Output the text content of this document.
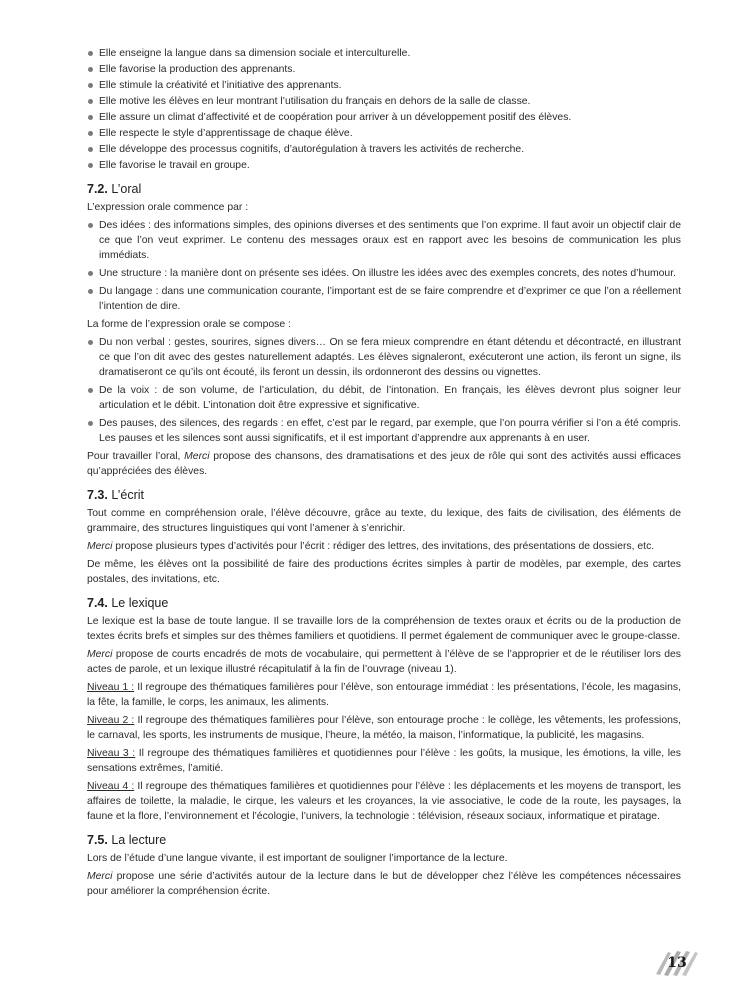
Elle enseigne la langue dans sa dimension sociale et interculturelle.
Elle favorise la production des apprenants.
Elle stimule la créativité et l’initiative des apprenants.
Elle motive les élèves en leur montrant l’utilisation du français en dehors de la salle de classe.
Elle assure un climat d’affectivité et de coopération pour arriver à un développement positif des élèves.
Elle respecte le style d’apprentissage de chaque élève.
Elle développe des processus cognitifs, d’autorégulation à travers les activités de recherche.
Elle favorise le travail en groupe.
7.2. L’oral

L’expression orale commence par :

Des idées : des informations simples, des opinions diverses et des sentiments que l’on exprime. Il faut avoir un objectif clair de ce que l’on veut exprimer. Le contenu des messages oraux est en rapport avec les besoins de communication les plus immédiats.
Une structure : la manière dont on présente ses idées. On illustre les idées avec des exemples concrets, des notes d’humour.
Du langage : dans une communication courante, l’important est de se faire comprendre et d’exprimer ce que l’on a réellement l’intention de dire.

La forme de l’expression orale se compose :

Du non verbal : gestes, sourires, signes divers… On se fera mieux comprendre en étant détendu et décontracté, en illustrant ce que l’on dit avec des gestes naturellement adaptés. Les élèves signaleront, exécuteront une action, ils feront un signe, ils dramatiseront ce qu’ils ont écouté, ils feront un dessin, ils ordonneront des dessins ou vignettes.
De la voix : de son volume, de l’articulation, du débit, de l’intonation. En français, les élèves devront plus soigner leur articulation et le débit. L’intonation doit être expressive et significative.
Des pauses, des silences, des regards : en effet, c’est par le regard, par exemple, que l’on pourra vérifier si l’on a été compris. Les pauses et les silences sont aussi significatifs, et il est important d’apprendre aux apprenants à en user.

Pour travailler l’oral, Merci propose des chansons, des dramatisations et des jeux de rôle qui sont des activités aussi efficaces qu’appréciées des élèves.

7.3. L’écrit

Tout comme en compréhension orale, l’élève découvre, grâce au texte, du lexique, des faits de civilisation, des éléments de grammaire, des structures linguistiques qui vont l’amener à s’enrichir.

Merci propose plusieurs types d’activités pour l’écrit : rédiger des lettres, des invitations, des présentations de dossiers, etc.

De même, les élèves ont la possibilité de faire des productions écrites simples à partir de modèles, par exemple, des cartes postales, des invitations, etc.

7.4. Le lexique

Le lexique est la base de toute langue. Il se travaille lors de la compréhension de textes oraux et écrits ou de la production de textes écrits brefs et simples sur des thèmes familiers et quotidiens. Il permet également de communiquer avec le groupe-classe.

Merci propose de courts encadrés de mots de vocabulaire, qui permettent à l’élève de se l’approprier et de le réutiliser lors des actes de parole, et un lexique illustré récapitulatif à la fin de l’ouvrage (niveau 1).

Niveau 1 : Il regroupe des thématiques familières pour l’élève, son entourage immédiat : les présentations, l’école, les magasins, la fête, la famille, le corps, les animaux, les aliments.

Niveau 2 : Il regroupe des thématiques familières pour l’élève, son entourage proche : le collège, les vêtements, les professions, le carnaval, les sports, les instruments de musique, l’heure, la météo, la maison, l’informatique, la publicité, les magasins.

Niveau 3 : Il regroupe des thématiques familières et quotidiennes pour l’élève : les goûts, la musique, les émotions, la ville, les sensations extrêmes, l’amitié.

Niveau 4 : Il regroupe des thématiques familières et quotidiennes pour l’élève : les déplacements et les moyens de transport, les affaires de toilette, la maladie, le cirque, les valeurs et les croyances, la vie associative, le code de la route, les paysages, la faune et la flore, l’environnement et l’écologie, l’univers, la technologie : télévision, réseaux sociaux, informatique et piratage.

7.5. La lecture

Lors de l’étude d’une langue vivante, il est important de souligner l’importance de la lecture.

Merci propose une série d’activités autour de la lecture dans le but de développer chez l’élève les compétences nécessaires pour améliorer la compréhension écrite.

13
